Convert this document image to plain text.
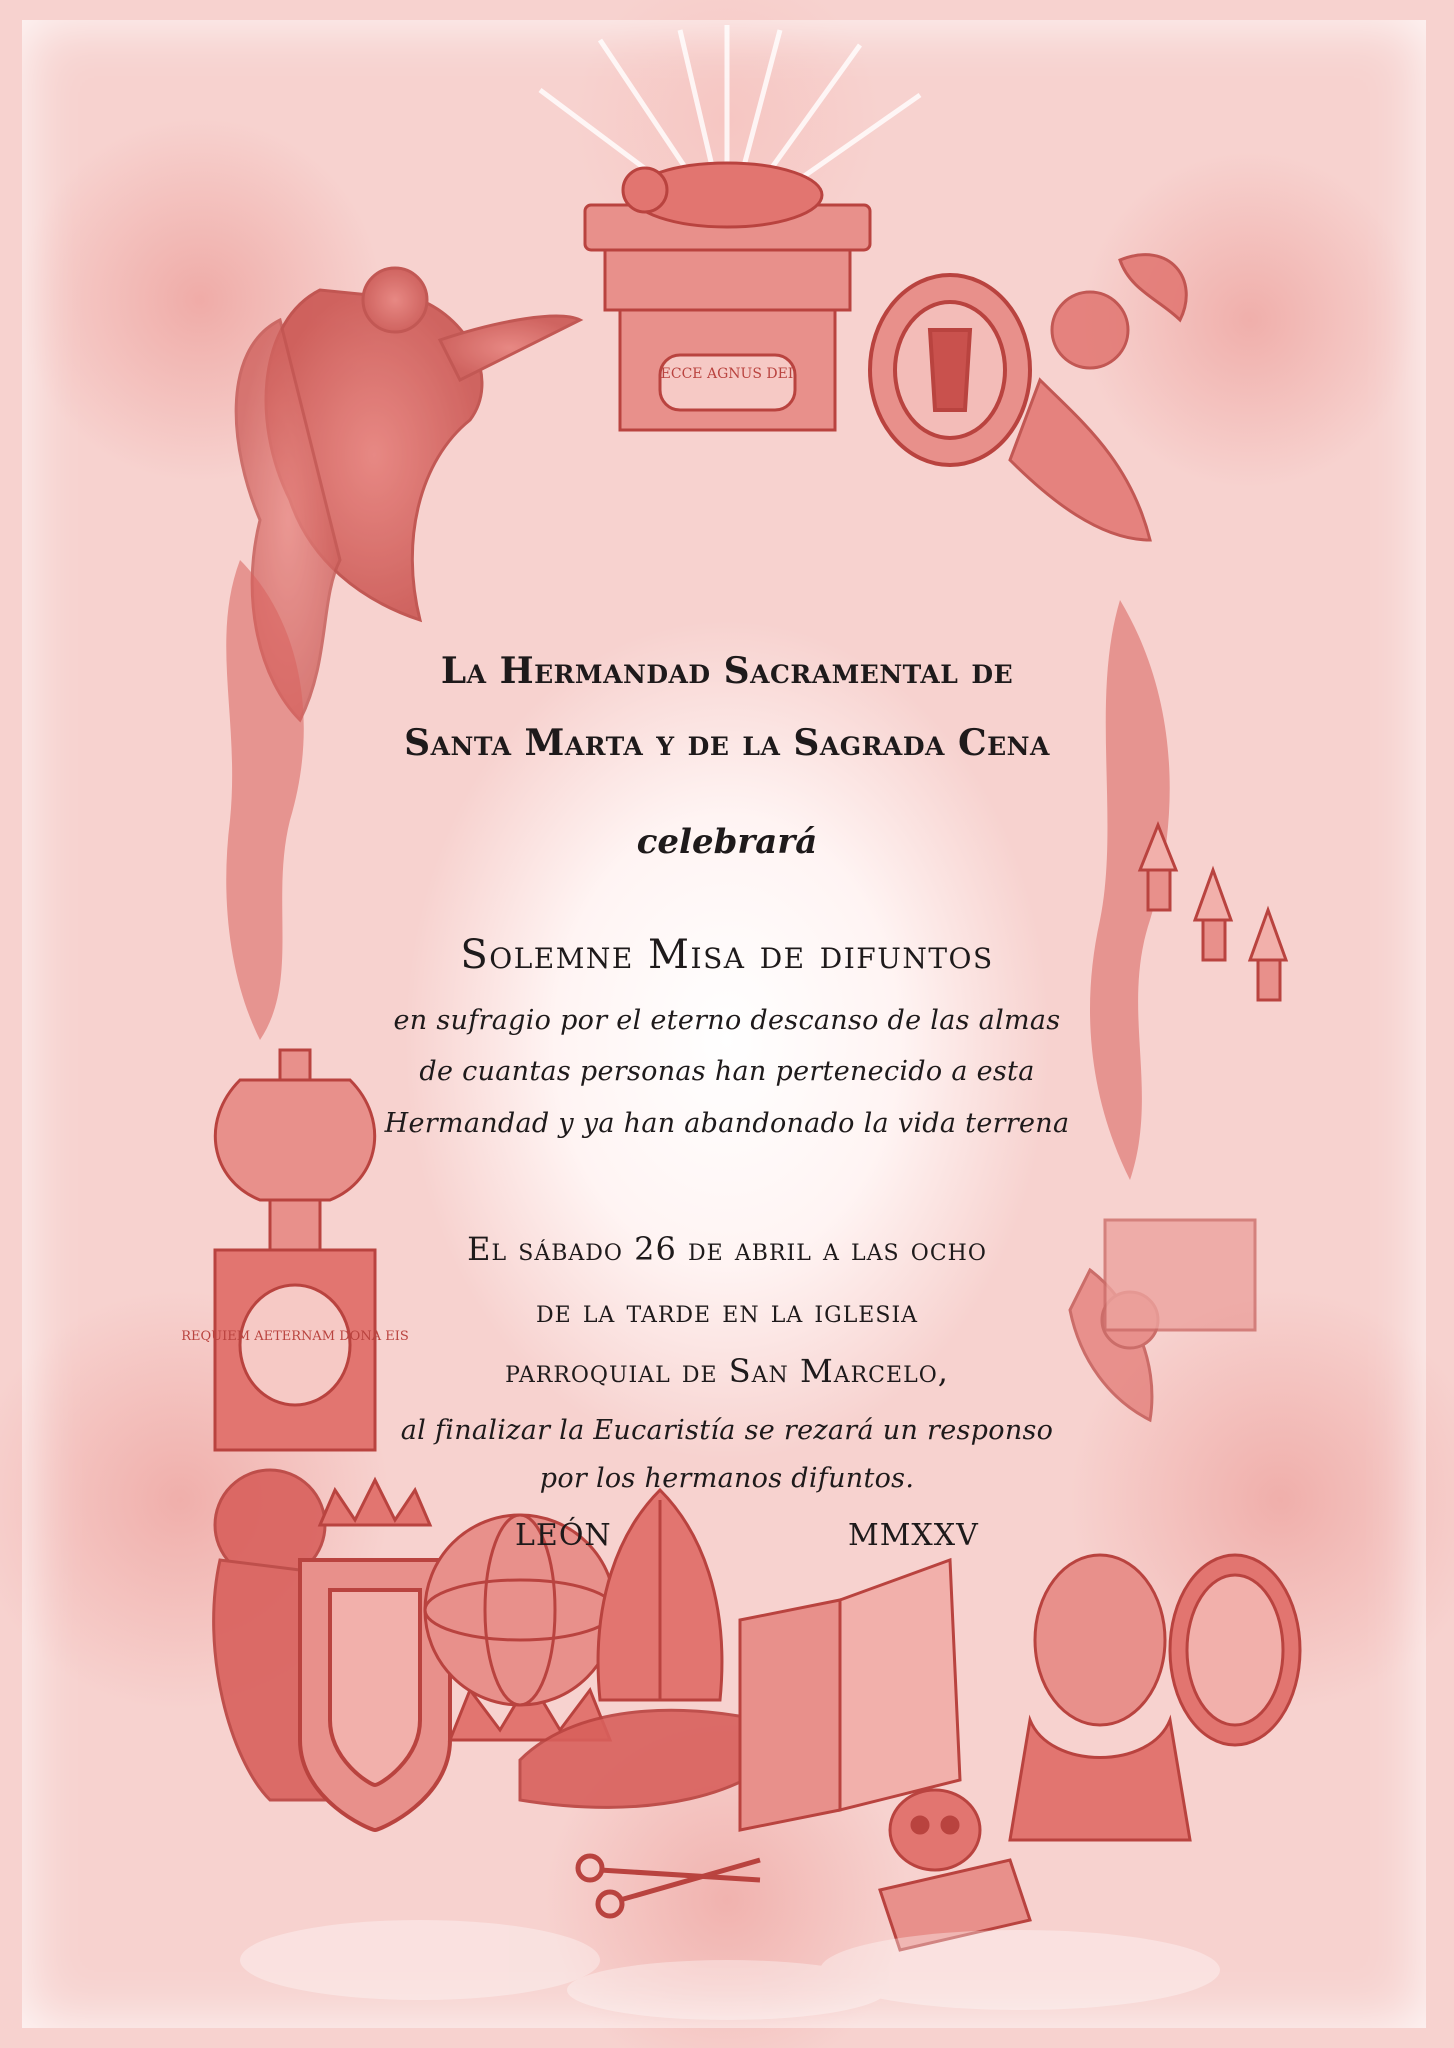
ECCE AGNUS DEI
REQUIEM AETERNAM DONA EIS
La Hermandad Sacramental de
Santa Marta y de la Sagrada Cena
celebrará
Solemne Misa de difuntos
en sufragio por el eterno descanso de las almas
de cuantas personas han pertenecido a esta
Hermandad y ya han abandonado la vida terrena
El sábado 26 de abril a las ocho
de la tarde en la iglesia
parroquial de San Marcelo,
al finalizar la Eucaristía se rezará un responso
por los hermanos difuntos.
LEÓN	MMXXV
